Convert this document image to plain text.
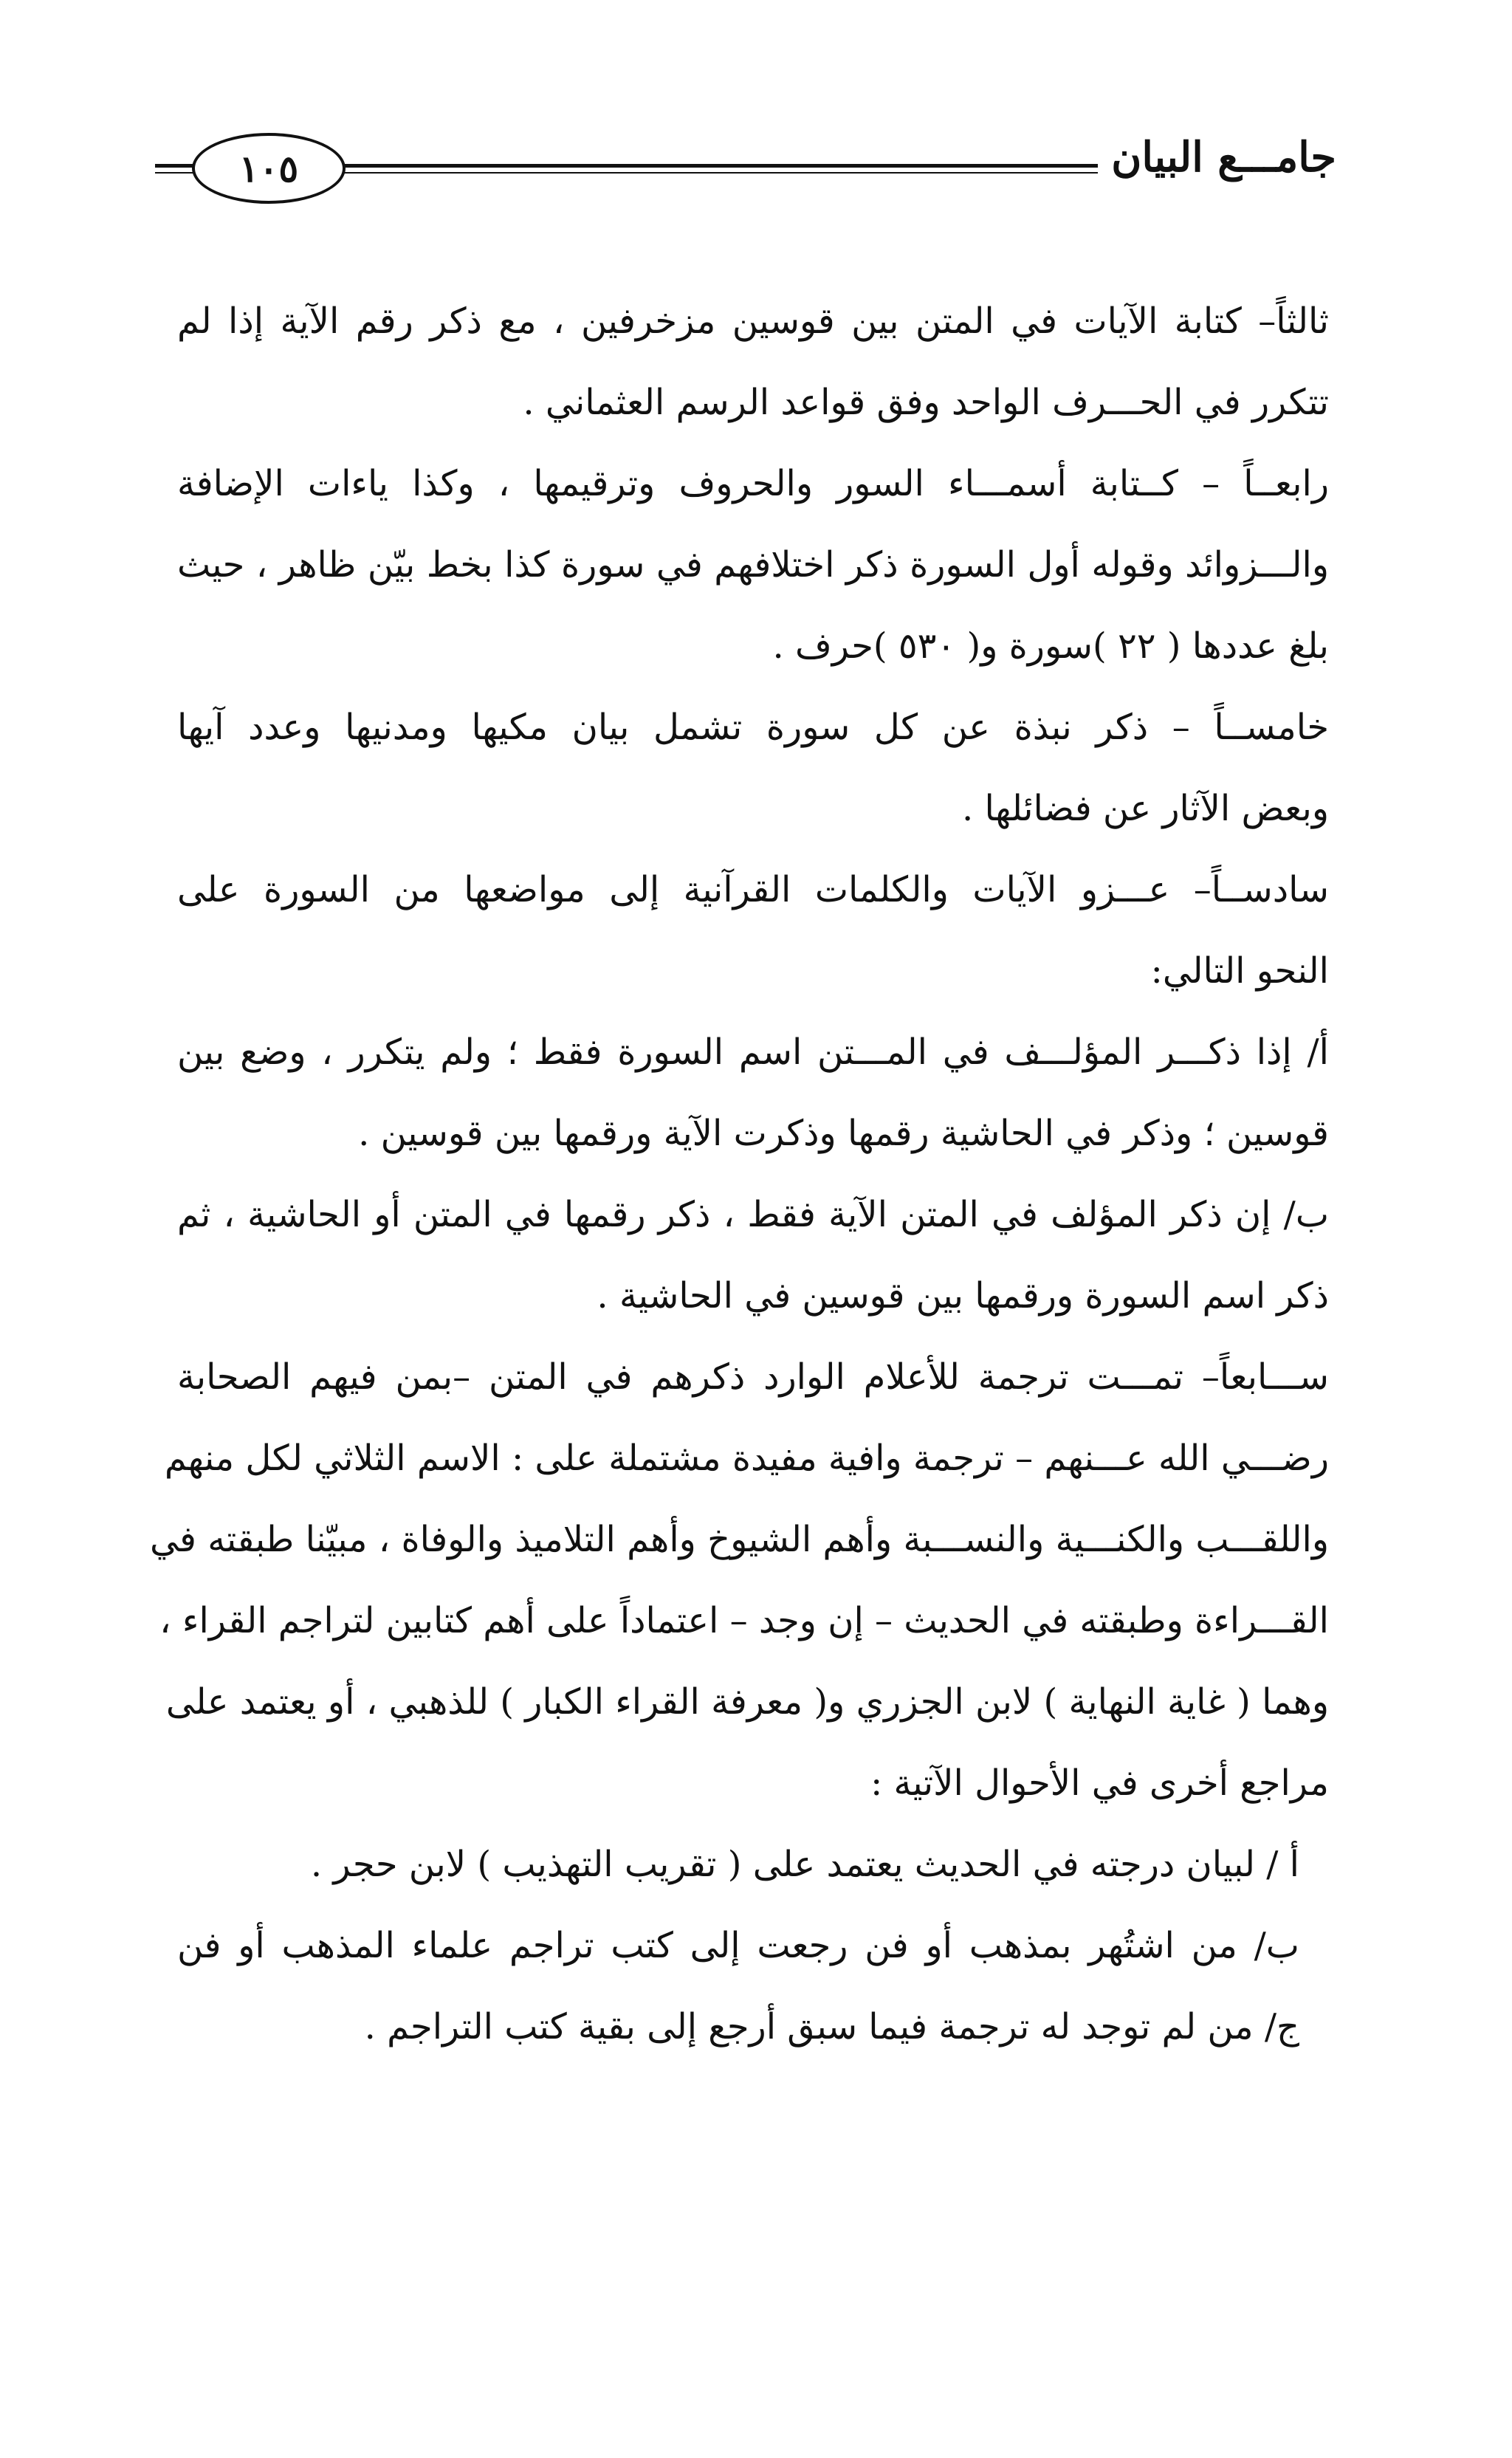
١٠٥	جامـــع البيان
ثالثاً– كتابة الآيات في المتن بين قوسين مزخرفين ، مع ذكر رقم الآية إذا لم
تتكرر في الحـــرف الواحد وفق قواعد الرسم العثماني .
رابعــاً – كــتابة أسمـــاء السور والحروف وترقيمها ، وكذا ياءات الإضافة
والـــزوائد وقوله أول السورة ذكر اختلافهم في سورة كذا بخط بيّن ظاهر ، حيث
بلغ عددها ( ٢٢ )سورة و( ٥٣٠ )حرف .
خامســاً – ذكر نبذة عن كل سورة تشمل بيان مكيها ومدنيها وعدد آيها
وبعض الآثار عن فضائلها .
سادســاً– عـــزو الآيات والكلمات القرآنية إلى مواضعها من السورة على
النحو التالي:
أ/ إذا ذكـــر المؤلـــف في المـــتن اسم السورة فقط ؛ ولم يتكرر ، وضع بين
قوسين ؛ وذكر في الحاشية رقمها وذكرت الآية ورقمها بين قوسين .
ب/ إن ذكر المؤلف في المتن الآية فقط ، ذكر رقمها في المتن أو الحاشية ، ثم
ذكر اسم السورة ورقمها بين قوسين في الحاشية .
ســـابعاً– تمـــت ترجمة للأعلام الوارد ذكرهم في المتن –بمن فيهم الصحابة
رضـــي الله عـــنهم – ترجمة وافية مفيدة مشتملة على : الاسم الثلاثي لكل منهم
واللقـــب والكنـــية والنســـبة وأهم الشيوخ وأهم التلاميذ والوفاة ، مبيّنا طبقته في
القـــراءة وطبقته في الحديث – إن وجد – اعتماداً على أهم كتابين لتراجم القراء ،
وهما ( غاية النهاية ) لابن الجزري و( معرفة القراء الكبار ) للذهبي ، أو يعتمد على
مراجع أخرى في الأحوال الآتية :
أ / لبيان درجته في الحديث يعتمد على ( تقريب التهذيب ) لابن حجر .
ب/ من اشتُهر بمذهب أو فن رجعت إلى كتب تراجم علماء المذهب أو فن
ج/ من لم توجد له ترجمة فيما سبق أرجع إلى بقية كتب التراجم .
